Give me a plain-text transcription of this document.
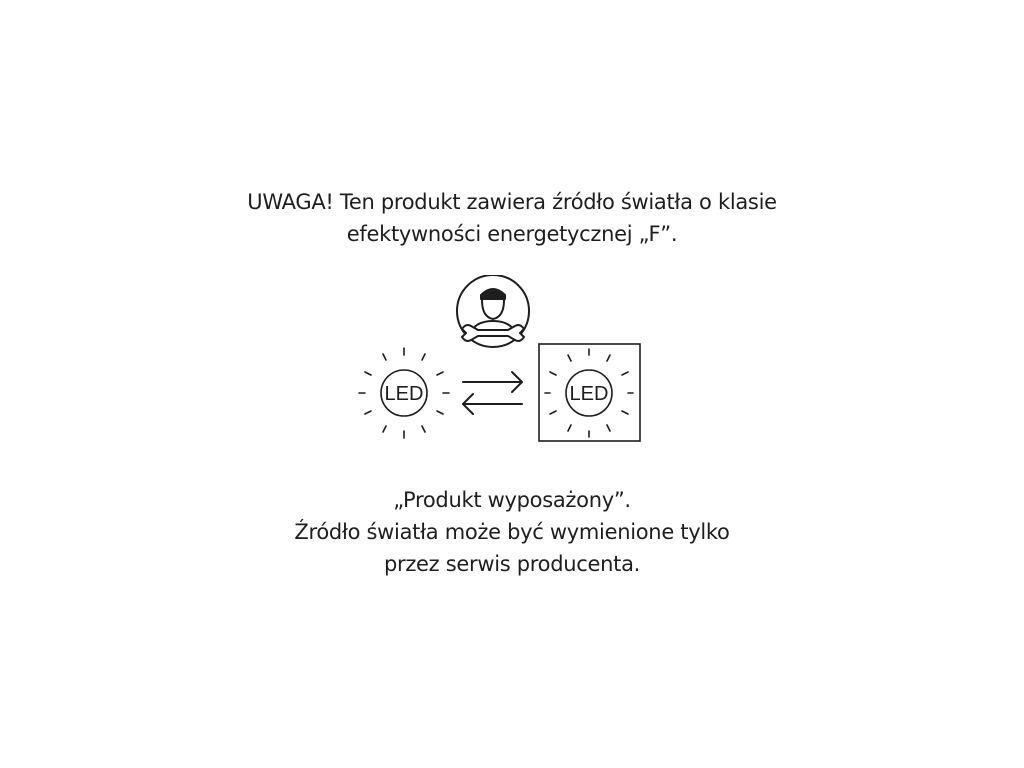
UWAGA! Ten produkt zawiera źródło światła o klasie
efektywności energetycznej „F”.
LED	LED
„Produkt wyposażony”.
Źródło światła może być wymienione tylko
przez serwis producenta.
